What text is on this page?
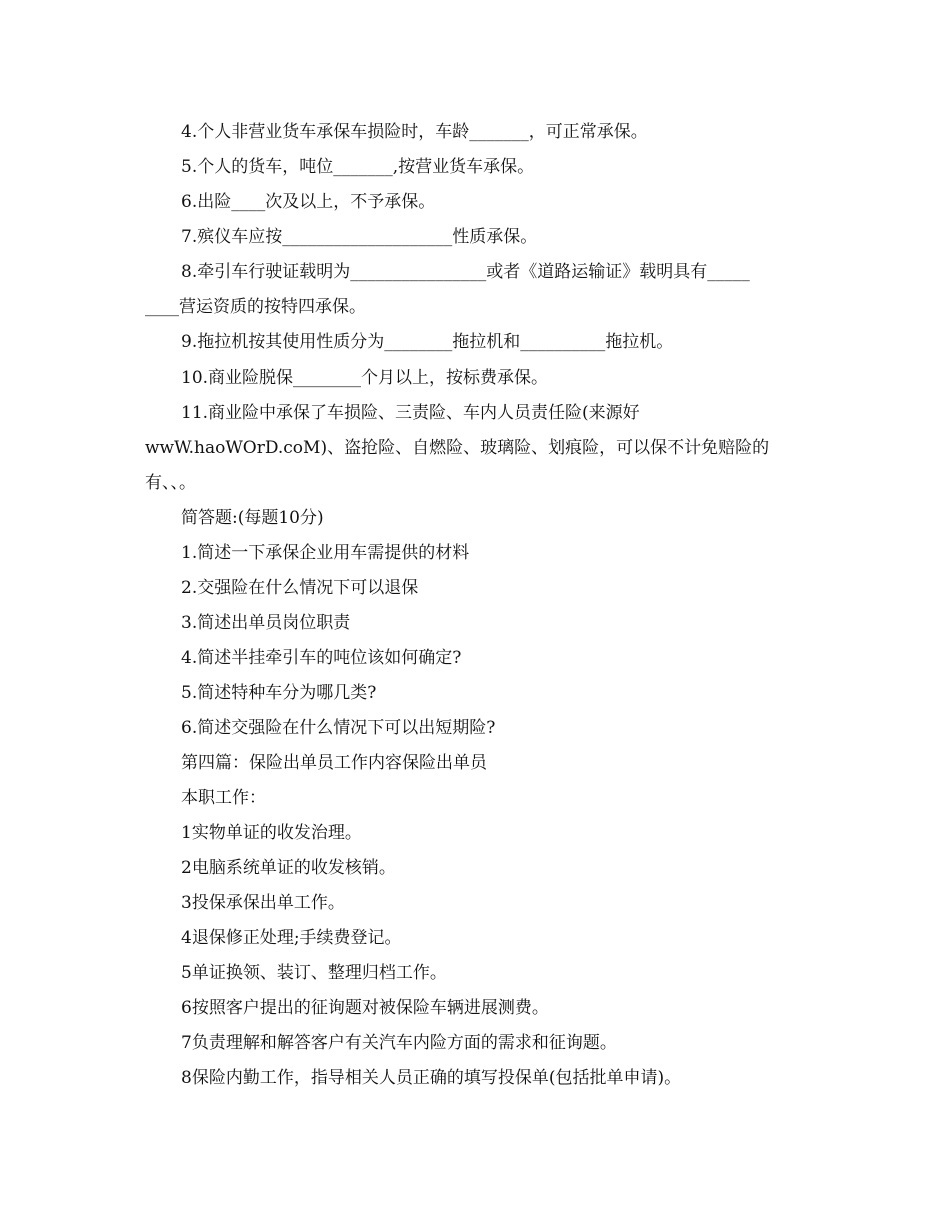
4.个人非营业货车承保车损险时，车龄_______，可正常承保。
5.个人的货车，吨位_______,按营业货车承保。
6.出险____次及以上，不予承保。
7.殡仪车应按____________________性质承保。
8.牵引车行驶证载明为________________或者《道路运输证》载明具有_____
____营运资质的按特四承保。
9.拖拉机按其使用性质分为________拖拉机和__________拖拉机。
10.商业险脱保________个月以上，按标费承保。
11.商业险中承保了车损险、三责险、车内人员责任险(来源好
wwW.haoWOrD.coM)、盗抢险、自燃险、玻璃险、划痕险，可以保不计免赔险的
有、、。
简答题:(每题10分)
1.简述一下承保企业用车需提供的材料
2.交强险在什么情况下可以退保
3.简述出单员岗位职责
4.简述半挂牵引车的吨位该如何确定?
5.简述特种车分为哪几类?
6.简述交强险在什么情况下可以出短期险?
第四篇：保险出单员工作内容保险出单员
本职工作：
1实物单证的收发治理。
2电脑系统单证的收发核销。
3投保承保出单工作。
4退保修正处理;手续费登记。
5单证换领、装订、整理归档工作。
6按照客户提出的征询题对被保险车辆进展测费。
7负责理解和解答客户有关汽车内险方面的需求和征询题。
8保险内勤工作，指导相关人员正确的填写投保单(包括批单申请)。
